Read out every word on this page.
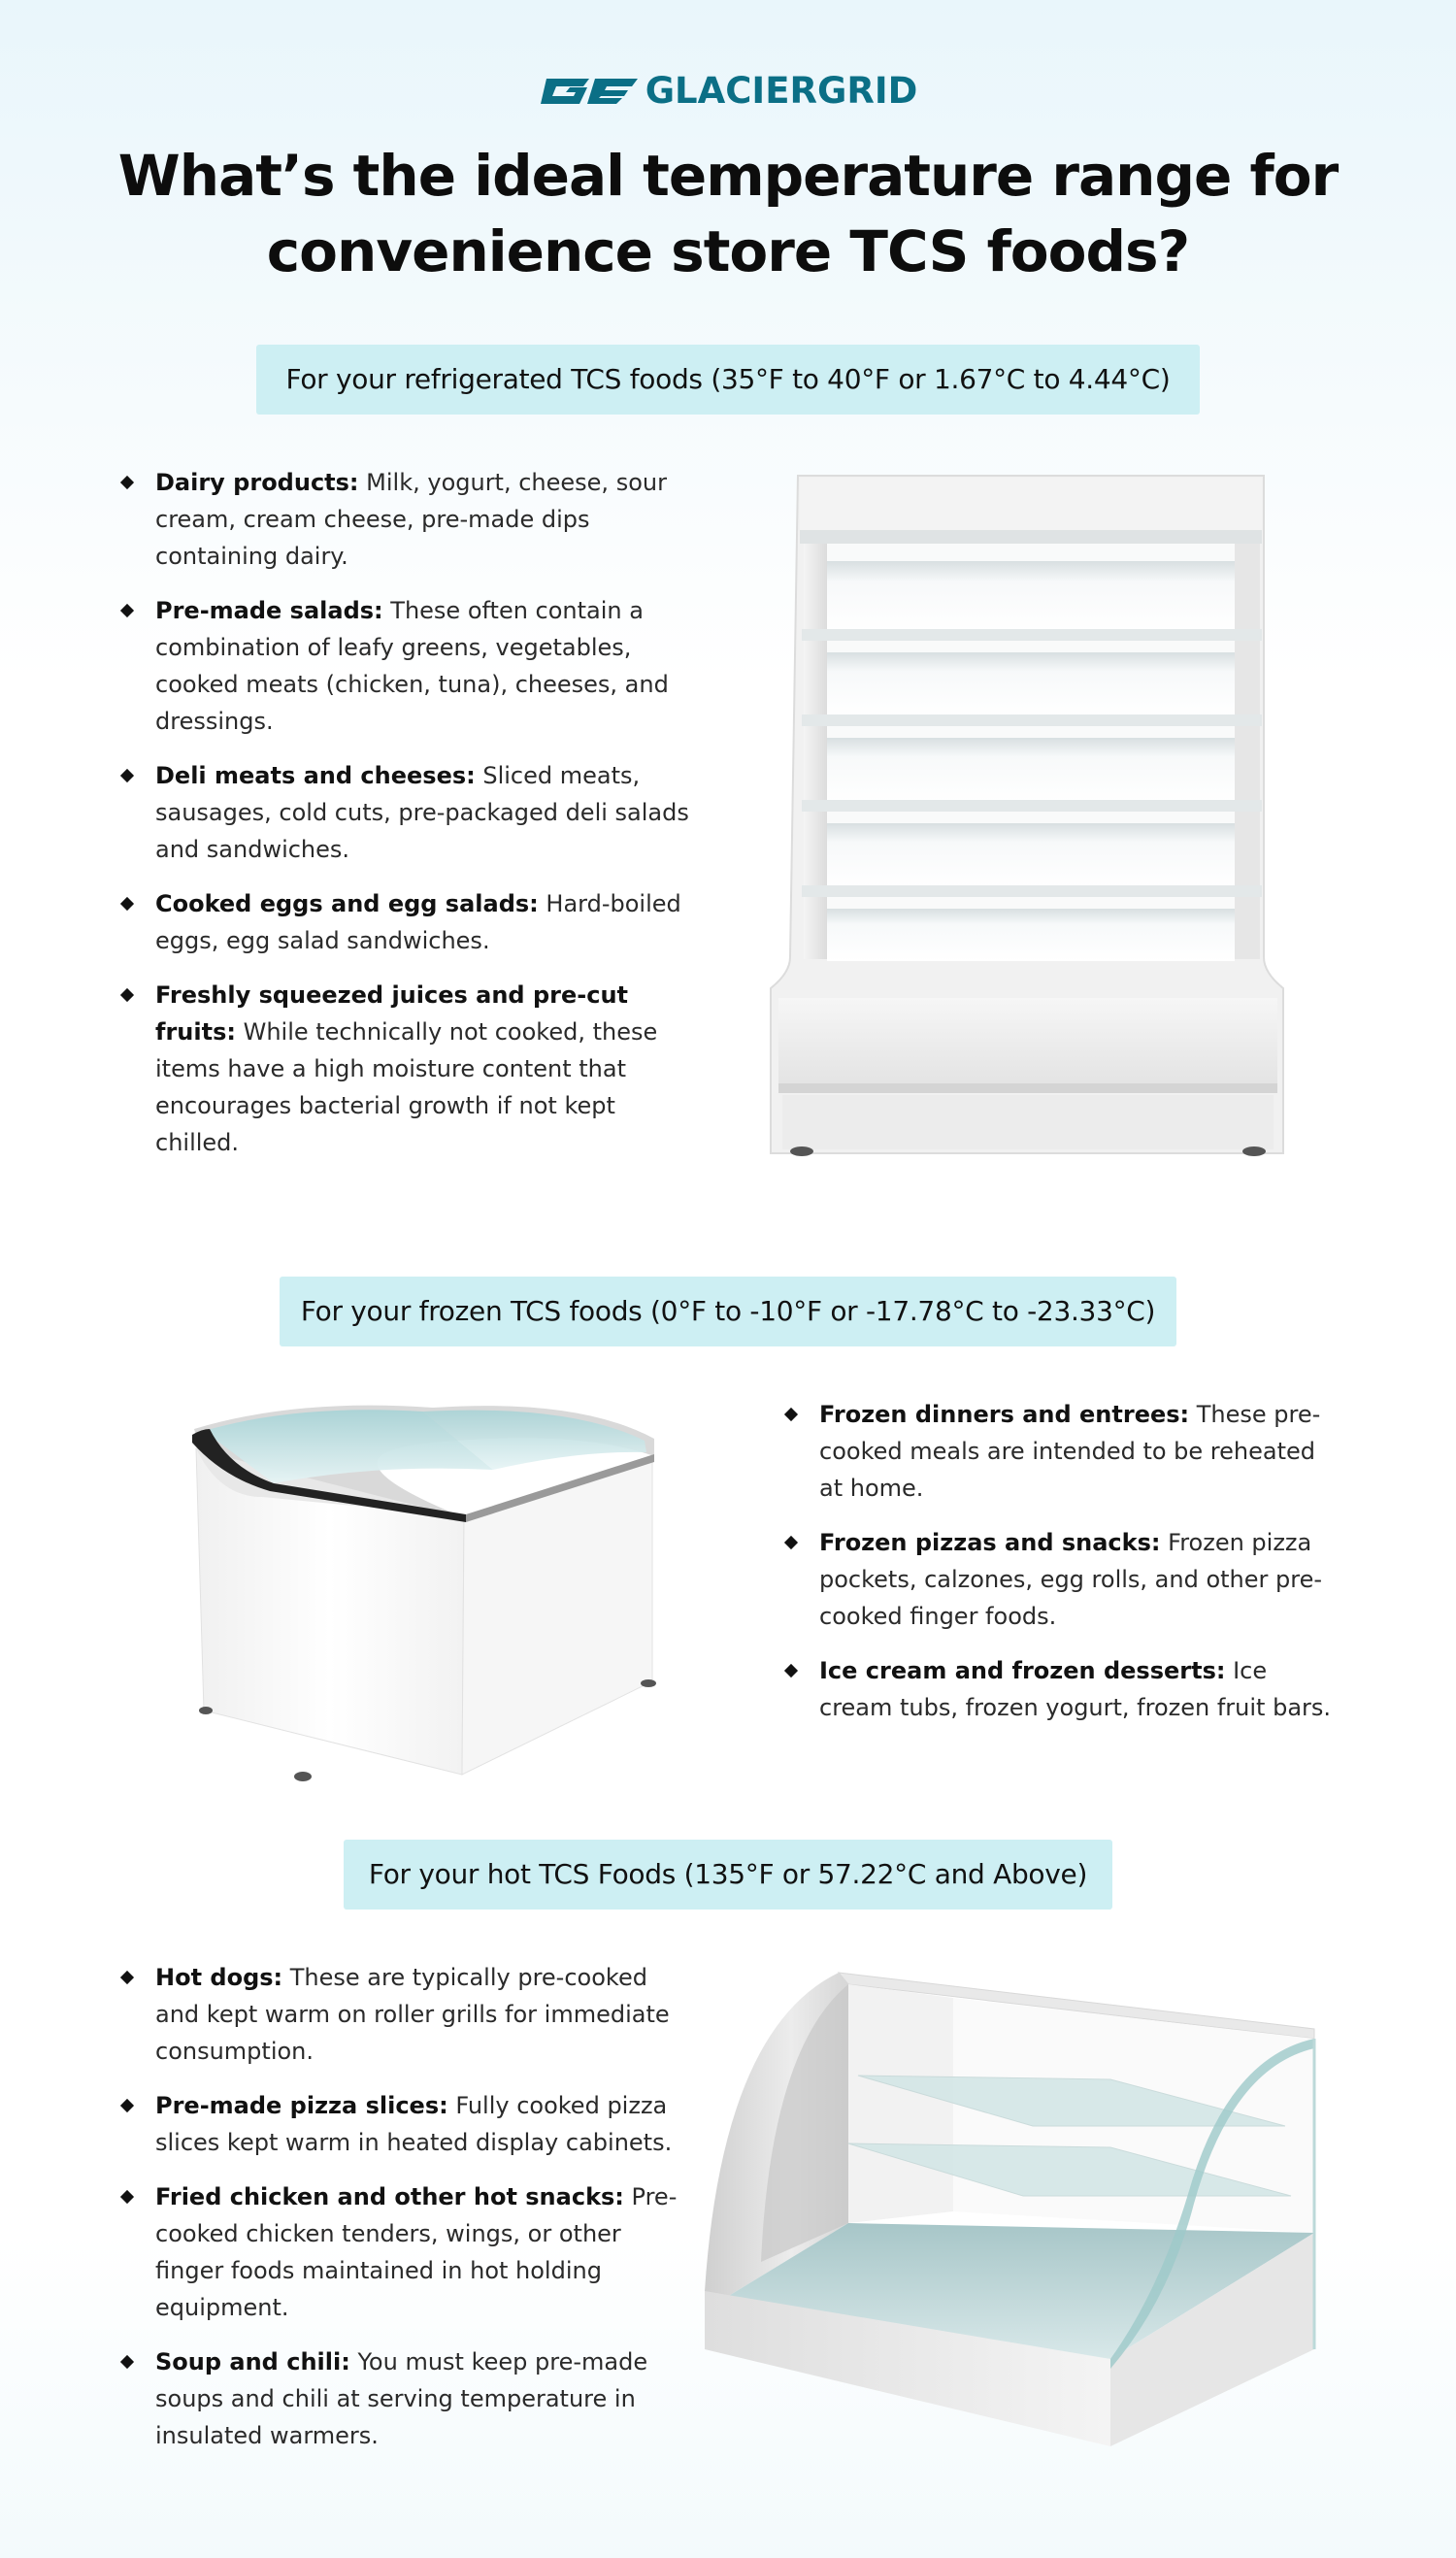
GLACIERGRID
What’s the ideal temperature range for convenience store TCS foods?
For your refrigerated TCS foods (35°F to 40°F or 1.67°C to 4.44°C)
Dairy products: Milk, yogurt, cheese, sour cream, cream cheese, pre-made dips containing dairy.
Pre-made salads: These often contain a combination of leafy greens, vegetables, cooked meats (chicken, tuna), cheeses, and dressings.
Deli meats and cheeses: Sliced meats, sausages, cold cuts, pre-packaged deli salads and sandwiches.
Cooked eggs and egg salads: Hard-boiled eggs, egg salad sandwiches.
Freshly squeezed juices and pre-cut fruits: While technically not cooked, these items have a high moisture content that encourages bacterial growth if not kept chilled.
For your frozen TCS foods (0°F to -10°F or -17.78°C to -23.33°C)
Frozen dinners and entrees: These pre-cooked meals are intended to be reheated at home.
Frozen pizzas and snacks: Frozen pizza pockets, calzones, egg rolls, and other pre-cooked finger foods.
Ice cream and frozen desserts: Ice cream tubs, frozen yogurt, frozen fruit bars.
For your hot TCS Foods (135°F or 57.22°C and Above)
Hot dogs: These are typically pre-cooked and kept warm on roller grills for immediate consumption.
Pre-made pizza slices: Fully cooked pizza slices kept warm in heated display cabinets.
Fried chicken and other hot snacks: Pre-cooked chicken tenders, wings, or other finger foods maintained in hot holding equipment.
Soup and chili: You must keep pre-made soups and chili at serving temperature in insulated warmers.
